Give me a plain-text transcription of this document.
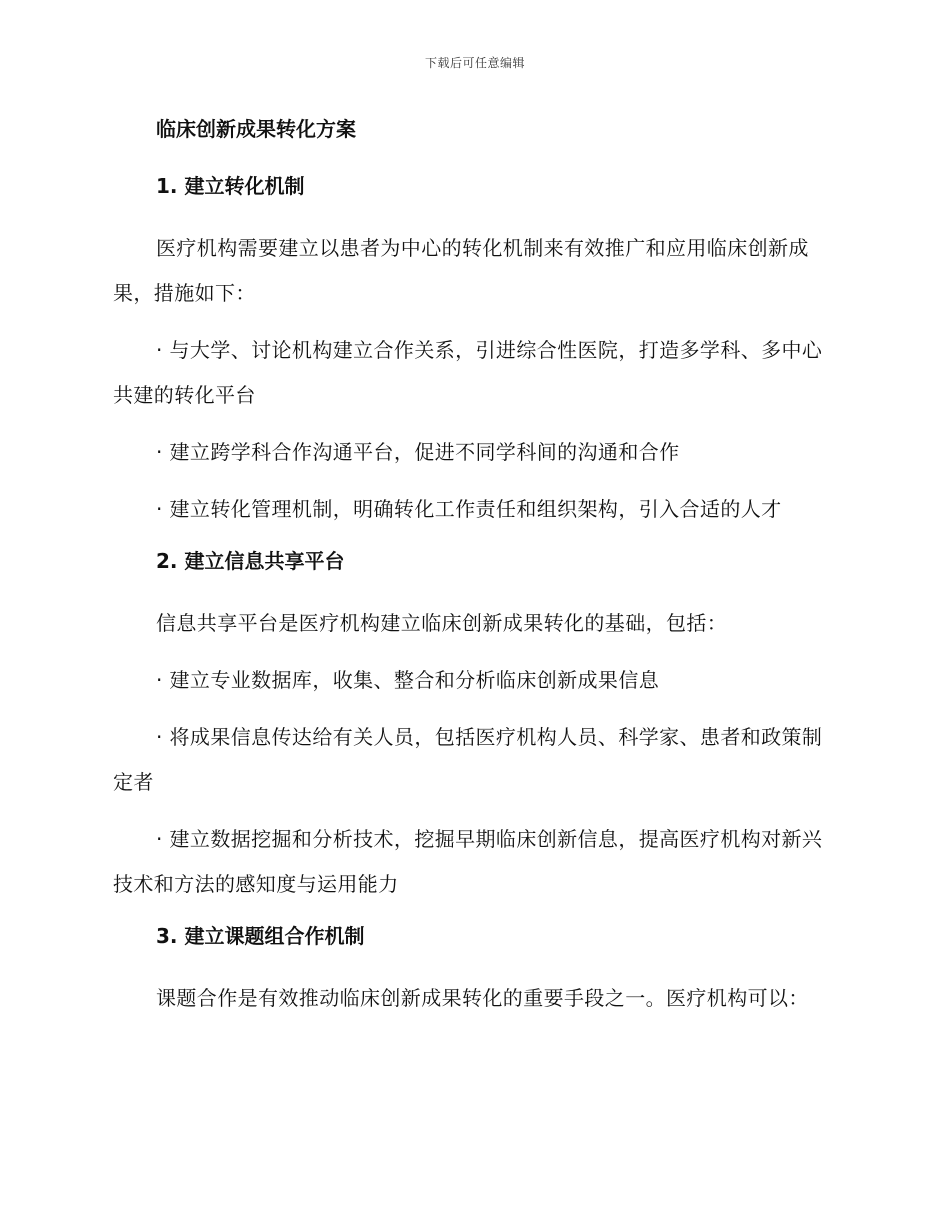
下载后可任意编辑
临床创新成果转化方案
1. 建立转化机制
医疗机构需要建立以患者为中心的转化机制来有效推广和应用临床创新成果，措施如下：
· 与大学、讨论机构建立合作关系，引进综合性医院，打造多学科、多中心共建的转化平台
· 建立跨学科合作沟通平台，促进不同学科间的沟通和合作
· 建立转化管理机制，明确转化工作责任和组织架构，引入合适的人才
2. 建立信息共享平台
信息共享平台是医疗机构建立临床创新成果转化的基础，包括：
· 建立专业数据库，收集、整合和分析临床创新成果信息
· 将成果信息传达给有关人员，包括医疗机构人员、科学家、患者和政策制定者
· 建立数据挖掘和分析技术，挖掘早期临床创新信息，提高医疗机构对新兴技术和方法的感知度与运用能力
3. 建立课题组合作机制
课题合作是有效推动临床创新成果转化的重要手段之一。医疗机构可以：
